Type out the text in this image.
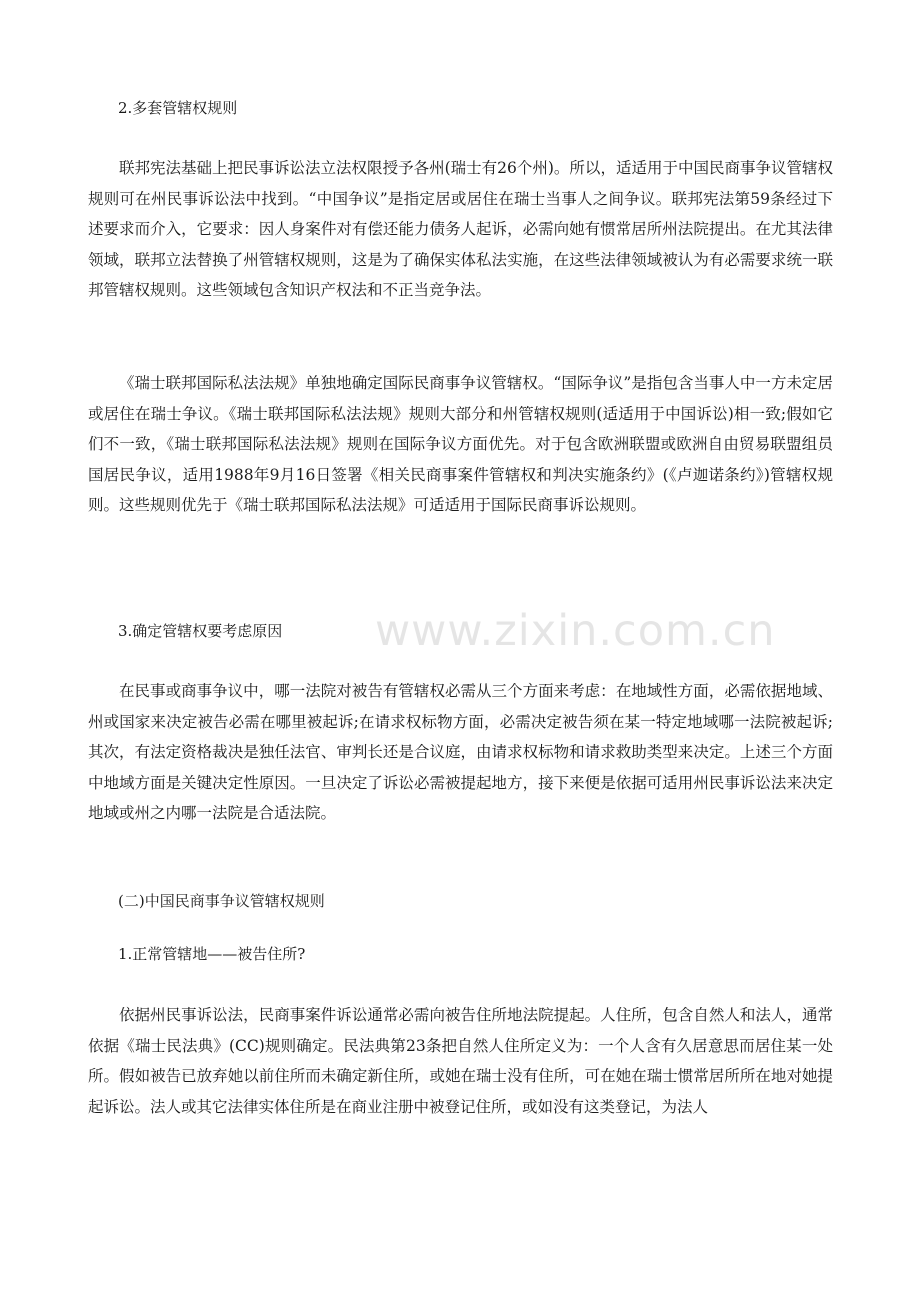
2.多套管辖权规则

联邦宪法基础上把民事诉讼法立法权限授予各州(瑞士有26个州)。所以，适适用于中国民商事争议管辖权规则可在州民事诉讼法中找到。“中国争议”是指定居或居住在瑞士当事人之间争议。联邦宪法第59条经过下述要求而介入，它要求：因人身案件对有偿还能力债务人起诉，必需向她有惯常居所州法院提出。在尤其法律领域，联邦立法替换了州管辖权规则，这是为了确保实体私法实施，在这些法律领域被认为有必需要求统一联邦管辖权规则。这些领域包含知识产权法和不正当竞争法。

《瑞士联邦国际私法法规》单独地确定国际民商事争议管辖权。“国际争议”是指包含当事人中一方未定居或居住在瑞士争议。《瑞士联邦国际私法法规》规则大部分和州管辖权规则(适适用于中国诉讼)相一致;假如它们不一致，《瑞士联邦国际私法法规》规则在国际争议方面优先。对于包含欧洲联盟或欧洲自由贸易联盟组员国居民争议，适用1988年9月16日签署《相关民商事案件管辖权和判决实施条约》(《卢迦诺条约》)管辖权规则。这些规则优先于《瑞士联邦国际私法法规》可适适用于国际民商事诉讼规则。

3.确定管辖权要考虑原因

在民事或商事争议中，哪一法院对被告有管辖权必需从三个方面来考虑：在地域性方面，必需依据地域、州或国家来决定被告必需在哪里被起诉;在请求权标物方面，必需决定被告须在某一特定地域哪一法院被起诉;其次，有法定资格裁决是独任法官、审判长还是合议庭，由请求权标物和请求救助类型来决定。上述三个方面中地域方面是关键决定性原因。一旦决定了诉讼必需被提起地方，接下来便是依据可适用州民事诉讼法来决定地域或州之内哪一法院是合适法院。

(二)中国民商事争议管辖权规则
1.正常管辖地——被告住所?

依据州民事诉讼法，民商事案件诉讼通常必需向被告住所地法院提起。人住所，包含自然人和法人，通常依据《瑞士民法典》(CC)规则确定。民法典第23条把自然人住所定义为：一个人含有久居意思而居住某一处所。假如被告已放弃她以前住所而未确定新住所，或她在瑞士没有住所，可在她在瑞士惯常居所所在地对她提起诉讼。法人或其它法律实体住所是在商业注册中被登记住所，或如没有这类登记，为法人

www.zixin.com.cn
